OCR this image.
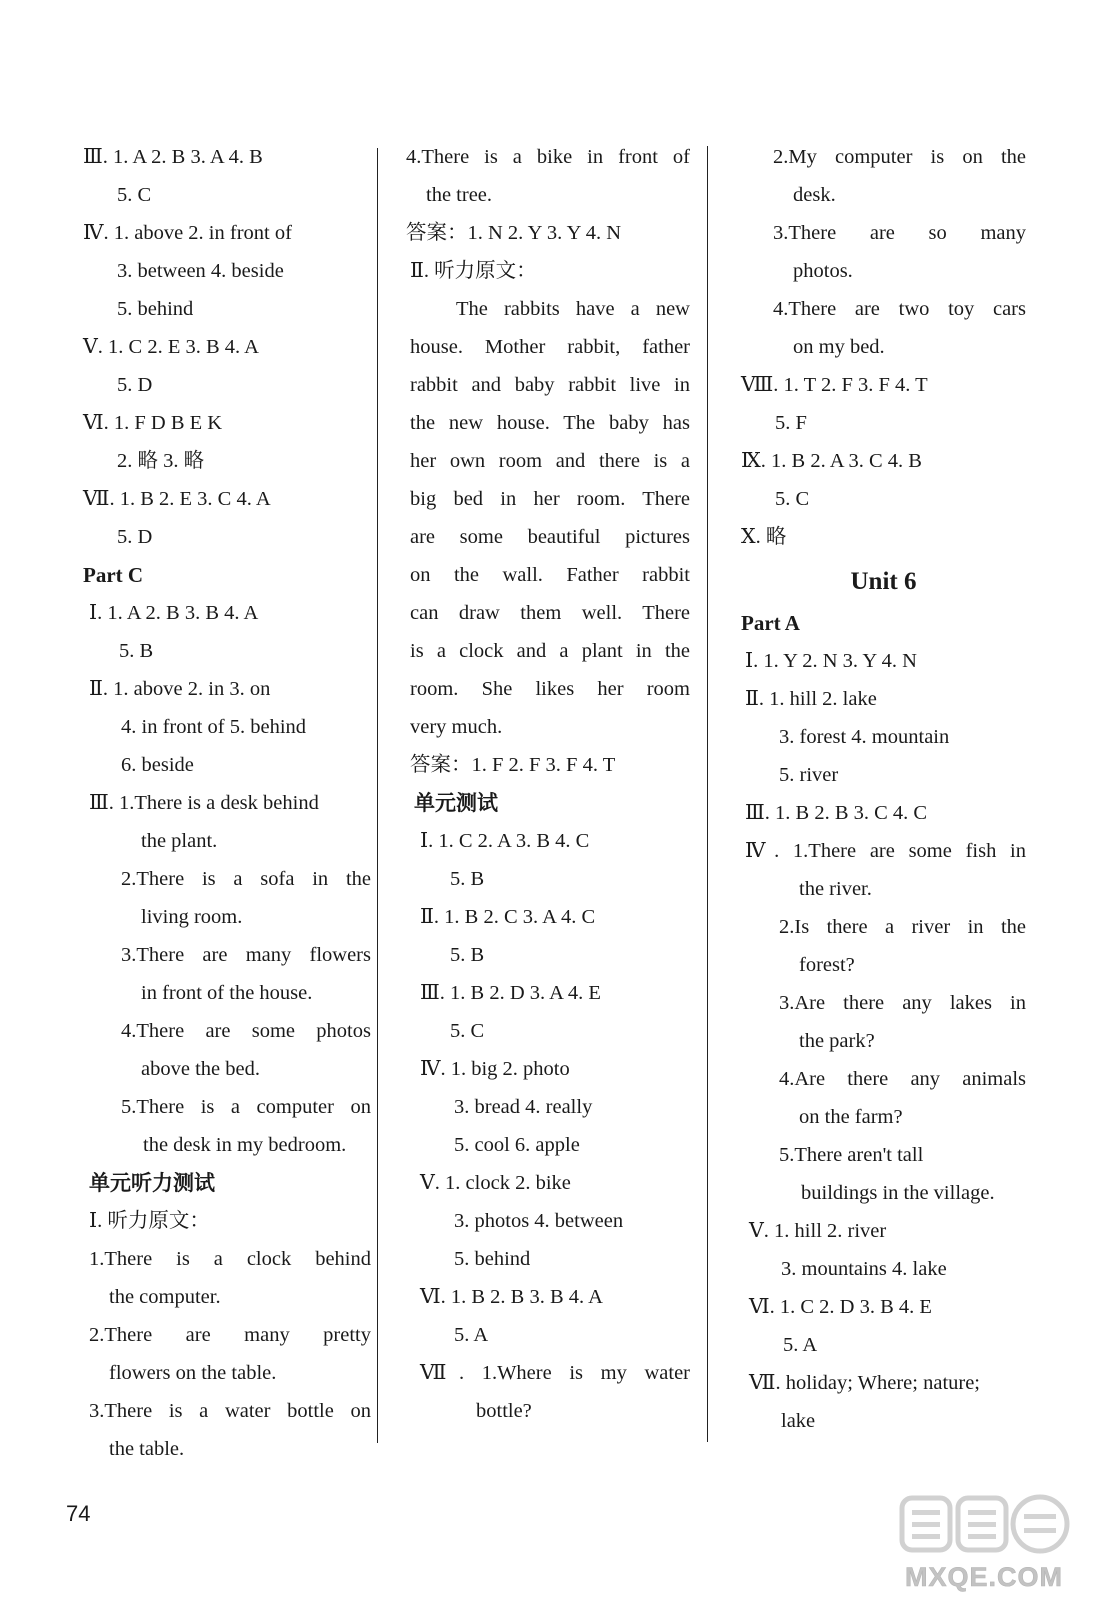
Ⅲ. 1. A 2. B 3. A 4. B
5. C
Ⅳ. 1. above 2. in front of
3. between 4. beside
5. behind
Ⅴ. 1. C 2. E 3. B 4. A
5. D
Ⅵ. 1. F D B E K
2. 略 3. 略
Ⅶ. 1. B 2. E 3. C 4. A
5. D
Part C
Ⅰ. 1. A 2. B 3. B 4. A
5. B
Ⅱ. 1. above 2. in 3. on
4. in front of 5. behind
6. beside
Ⅲ. 1.There is a desk behind
the plant.
2.There is a sofa in the
living room.
3.There are many flowers
in front of the house.
4.There are some photos
above the bed.
5.There is a computer on
the desk in my bedroom.
单元听力测试
Ⅰ. 听力原文：
1.There is a clock behind
the computer.
2.There are many pretty
flowers on the table.
3.There is a water bottle on
the table.
4.There is a bike in front of
the tree.
答案：1. N 2. Y 3. Y 4. N
Ⅱ. 听力原文：
The rabbits have a new
house. Mother rabbit, father
rabbit and baby rabbit live in
the new house. The baby has
her own room and there is a
big bed in her room. There
are some beautiful pictures
on the wall. Father rabbit
can draw them well. There
is a clock and a plant in the
room. She likes her room
very much.
答案：1. F 2. F 3. F 4. T
单元测试
Ⅰ. 1. C 2. A 3. B 4. C
5. B
Ⅱ. 1. B 2. C 3. A 4. C
5. B
Ⅲ. 1. B 2. D 3. A 4. E
5. C
Ⅳ. 1. big 2. photo
3. bread 4. really
5. cool 6. apple
Ⅴ. 1. clock 2. bike
3. photos 4. between
5. behind
Ⅵ. 1. B 2. B 3. B 4. A
5. A
Ⅶ. 1.Where is my water
bottle?
2.My computer is on the
desk.
3.There are so many
photos.
4.There are two toy cars
on my bed.
Ⅷ. 1. T 2. F 3. F 4. T
5. F
Ⅸ. 1. B 2. A 3. C 4. B
5. C
Ⅹ. 略
Unit 6
Part A
Ⅰ. 1. Y 2. N 3. Y 4. N
Ⅱ. 1. hill 2. lake
3. forest 4. mountain
5. river
Ⅲ. 1. B 2. B 3. C 4. C
Ⅳ. 1.There are some fish in
the river.
2.Is there a river in the
forest?
3.Are there any lakes in
the park?
4.Are there any animals
on the farm?
5.There aren't tall
buildings in the village.
Ⅴ. 1. hill 2. river
3. mountains 4. lake
Ⅵ. 1. C 2. D 3. B 4. E
5. A
Ⅶ. holiday; Where; nature;
lake
74
MXQE.COM
